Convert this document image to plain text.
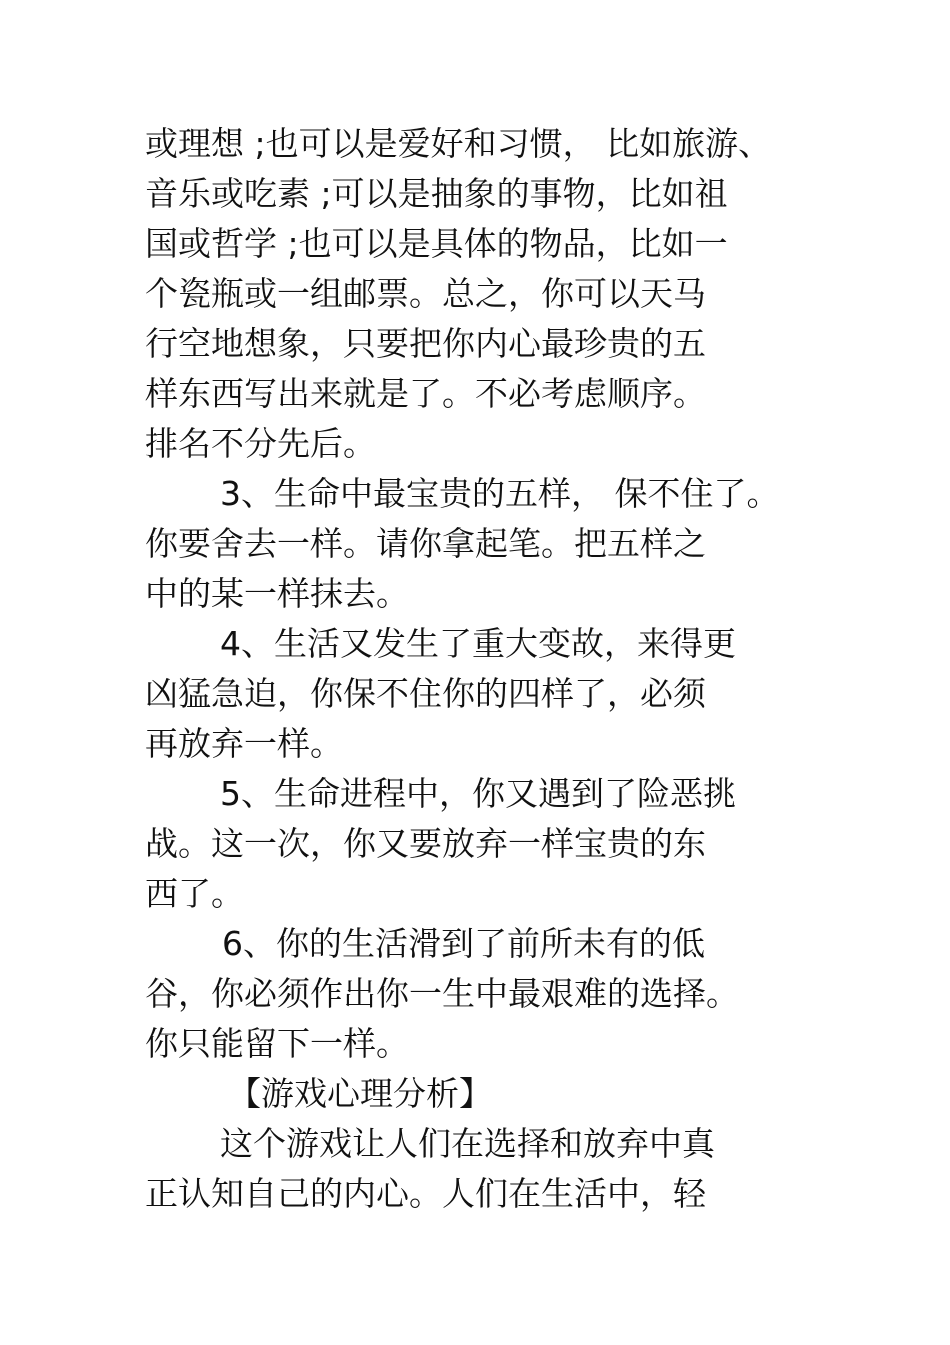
或理想 ;也可以是爱好和习惯， 比如旅游、
音乐或吃素 ;可以是抽象的事物，比如祖
国或哲学 ;也可以是具体的物品，比如一
个瓷瓶或一组邮票。总之，你可以天马
行空地想象，只要把你内心最珍贵的五
样东西写出来就是了。不必考虑顺序。
排名不分先后。
3、生命中最宝贵的五样， 保不住了。
你要舍去一样。请你拿起笔。把五样之
中的某一样抹去。
4、生活又发生了重大变故，来得更
凶猛急迫，你保不住你的四样了，必须
再放弃一样。
5、生命进程中，你又遇到了险恶挑
战。这一次，你又要放弃一样宝贵的东
西了。
6、你的生活滑到了前所未有的低
谷，你必须作出你一生中最艰难的选择。
你只能留下一样。
【游戏心理分析】
这个游戏让人们在选择和放弃中真
正认知自己的内心。人们在生活中，轻
